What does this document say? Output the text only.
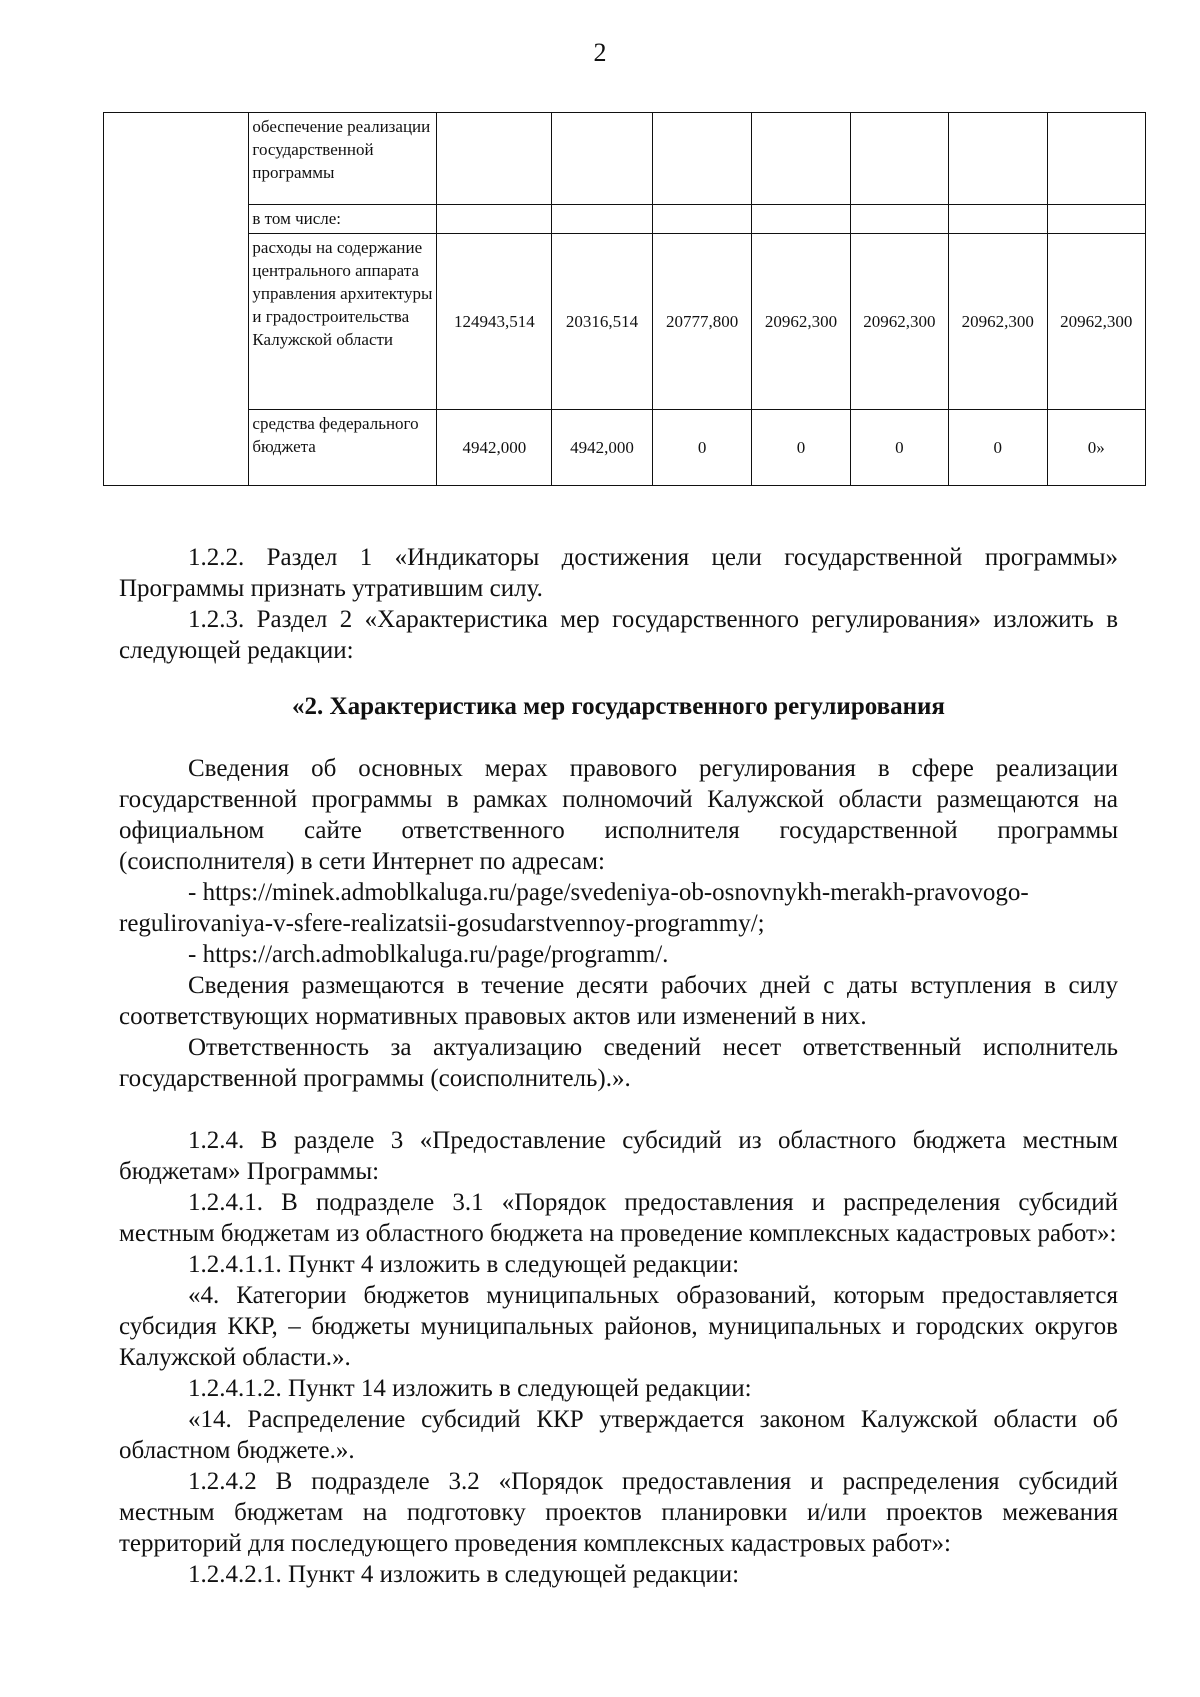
2
	обеспечение реализации государственной программы							
	в том числе:							
	расходы на содержание центрального аппарата управления архитектуры и градостроительства Калужской области	124943,514	20316,514	20777,800	20962,300	20962,300	20962,300	20962,300
	средства федерального бюджета	4942,000	4942,000	0	0	0	0	0»

1.2.2. Раздел 1 «Индикаторы достижения цели государственной программы» Программы признать утратившим силу.

1.2.3. Раздел 2 «Характеристика мер государственного регулирования» изложить в следующей редакции:

«2. Характеристика мер государственного регулирования

Сведения об основных мерах правового регулирования в сфере реализации государственной программы в рамках полномочий Калужской области размещаются на официальном сайте ответственного исполнителя государственной программы (соисполнителя) в сети Интернет по адресам:

- https://minek.admoblkaluga.ru/page/svedeniya-ob-osnovnykh-merakh-pravovogo-regulirovaniya-v-sfere-realizatsii-gosudarstvennoy-programmy/;

- https://arch.admoblkaluga.ru/page/programm/.

Сведения размещаются в течение десяти рабочих дней с даты вступления в силу соответствующих нормативных правовых актов или изменений в них.

Ответственность за актуализацию сведений несет ответственный исполнитель государственной программы (соисполнитель).».

1.2.4. В разделе 3 «Предоставление субсидий из областного бюджета местным бюджетам» Программы:

1.2.4.1. В подразделе 3.1 «Порядок предоставления и распределения субсидий местным бюджетам из областного бюджета на проведение комплексных кадастровых работ»:

1.2.4.1.1. Пункт 4 изложить в следующей редакции:

«4. Категории бюджетов муниципальных образований, которым предоставляется субсидия ККР, – бюджеты муниципальных районов, муниципальных и городских округов Калужской области.».

1.2.4.1.2. Пункт 14 изложить в следующей редакции:

«14. Распределение субсидий ККР утверждается законом Калужской области об областном бюджете.».

1.2.4.2 В подразделе 3.2 «Порядок предоставления и распределения субсидий местным бюджетам на подготовку проектов планировки и/или проектов межевания территорий для последующего проведения комплексных кадастровых работ»:

1.2.4.2.1. Пункт 4 изложить в следующей редакции:
